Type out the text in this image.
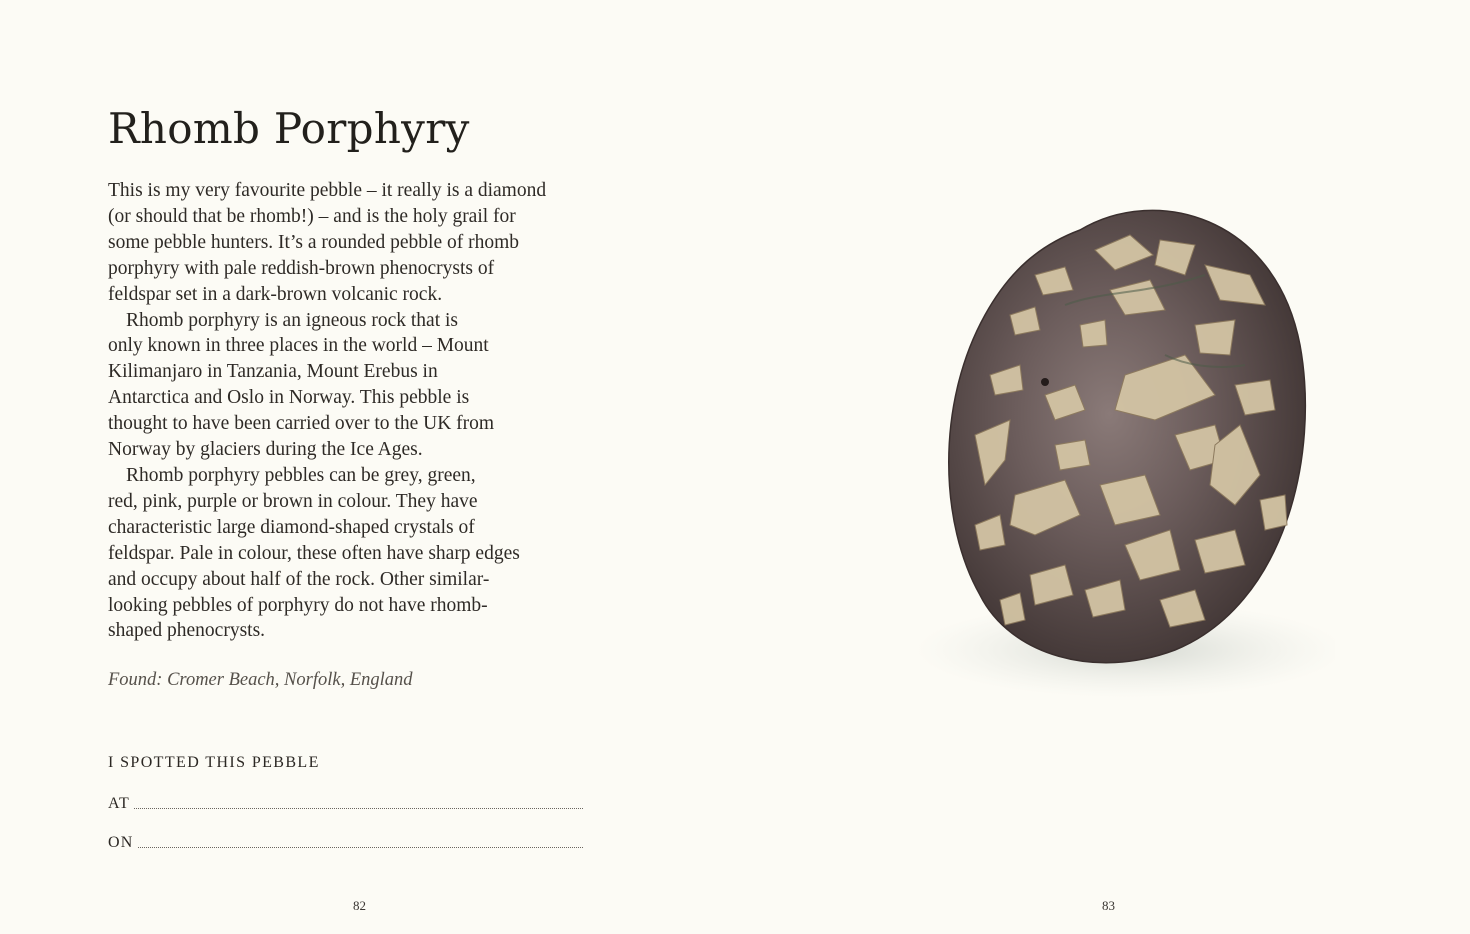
Rhomb Porphyry

This is my very favourite pebble – it really is a diamond
(or should that be rhomb!) – and is the holy grail for
some pebble hunters. It’s a rounded pebble of rhomb
porphyry with pale reddish-brown phenocrysts of
feldspar set in a dark-brown volcanic rock.

Rhomb porphyry is an igneous rock that is
only known in three places in the world – Mount
Kilimanjaro in Tanzania, Mount Erebus in
Antarctica and Oslo in Norway. This pebble is
thought to have been carried over to the UK from
Norway by glaciers during the Ice Ages.

Rhomb porphyry pebbles can be grey, green,
red, pink, purple or brown in colour. They have
characteristic large diamond-shaped crystals of
feldspar. Pale in colour, these often have sharp edges
and occupy about half of the rock. Other similar-
looking pebbles of porphyry do not have rhomb-
shaped phenocrysts.

Found: Cromer Beach, Norfolk, England

I SPOTTED THIS PEBBLE

AT
ON
82	83
